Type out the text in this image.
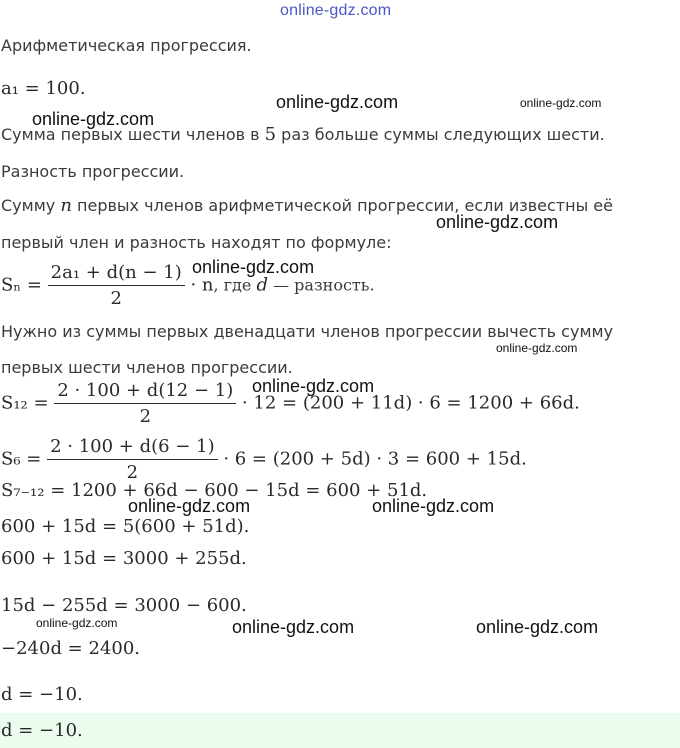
online-gdz.com
Арифметическая прогрессия.
a₁ = 100.
Сумма первых шести членов в 5 раз больше суммы следующих шести.
Разность прогрессии.
Сумму n первых членов арифметической прогрессии, если известны её
первый член и разность находят по формуле:
$S_n = \frac{\text{2a₁ + d(n − 1)}}{2} \cdot n$, где d — разность.
Нужно из суммы первых двенадцати членов прогрессии вычесть сумму
первых шести членов прогрессии.
$S_{12} = \frac{2 \cdot 100 + d(12 - 1)}{2} \cdot 12 = (200 + 11d) \cdot 6 = 1200 + 66d$.
$S_6 = \frac{2 \cdot 100 + d(6 - 1)}{2} \cdot 6 = (200 + 5d) \cdot 3 = 600 + 15d$.
S₇₋₁₂ = 1200 + 66d − 600 − 15d = 600 + 51d.
600 + 15d = 5(600 + 51d).
600 + 15d = 3000 + 255d.
15d − 255d = 3000 − 600.
−240d = 2400.
d = −10.
d = −10.
online-gdz.com
online-gdz.com	online-gdz.com
online-gdz.com
online-gdz.com
online-gdz.com
online-gdz.com
online-gdz.com	online-gdz.com
online-gdz.com	online-gdz.com	online-gdz.com
